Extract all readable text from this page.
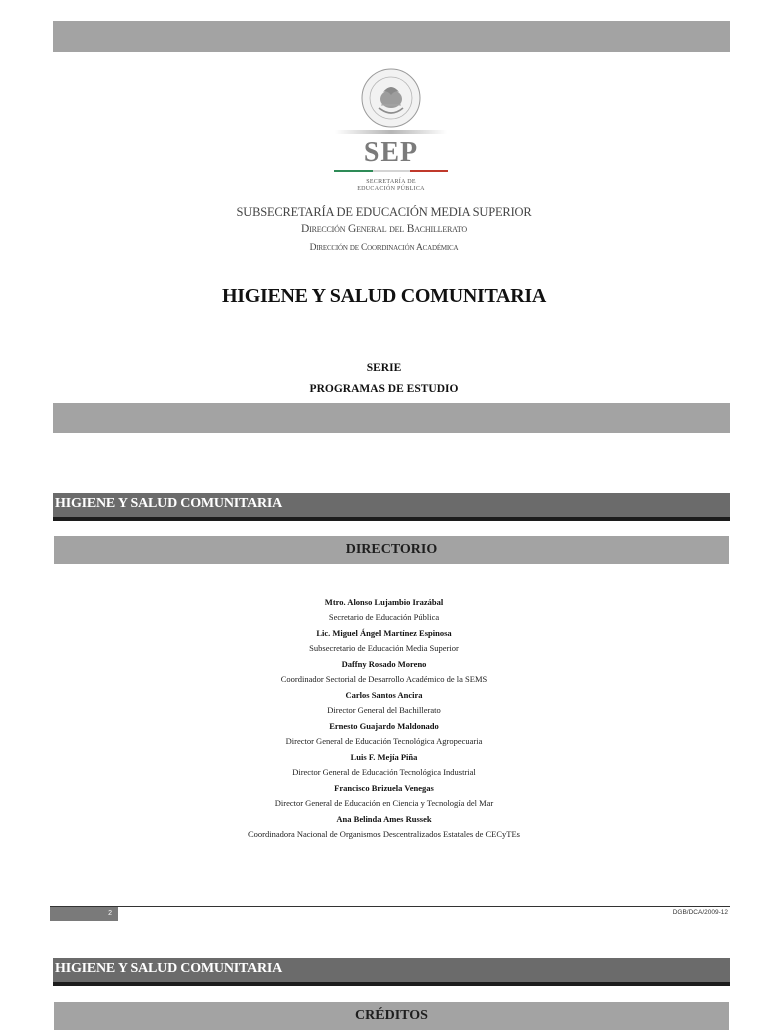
SEP
SECRETARÍA DE
EDUCACIÓN PÚBLICA
SUBSECRETARÍA DE EDUCACIÓN MEDIA SUPERIOR
Dirección General del Bachillerato
Dirección de Coordinación Académica
HIGIENE Y SALUD COMUNITARIA
SERIE
PROGRAMAS DE ESTUDIO
HIGIENE Y SALUD COMUNITARIA
DIRECTORIO
Mtro. Alonso Lujambio Irazábal
Secretario de Educación Pública
Lic. Miguel Ángel Martínez Espinosa
Subsecretario de Educación Media Superior
Daffny Rosado Moreno
Coordinador Sectorial de Desarrollo Académico de la SEMS
Carlos Santos Ancira
Director General del Bachillerato
Ernesto Guajardo Maldonado
Director General de Educación Tecnológica Agropecuaria
Luis F. Mejía Piña
Director General de Educación Tecnológica Industrial
Francisco Brizuela Venegas
Director General de Educación en Ciencia y Tecnología del Mar
Ana Belinda Ames Russek
Coordinadora Nacional de Organismos Descentralizados Estatales de CECyTEs
2	DGB/DCA/2009-12
HIGIENE Y SALUD COMUNITARIA
CRÉDITOS
